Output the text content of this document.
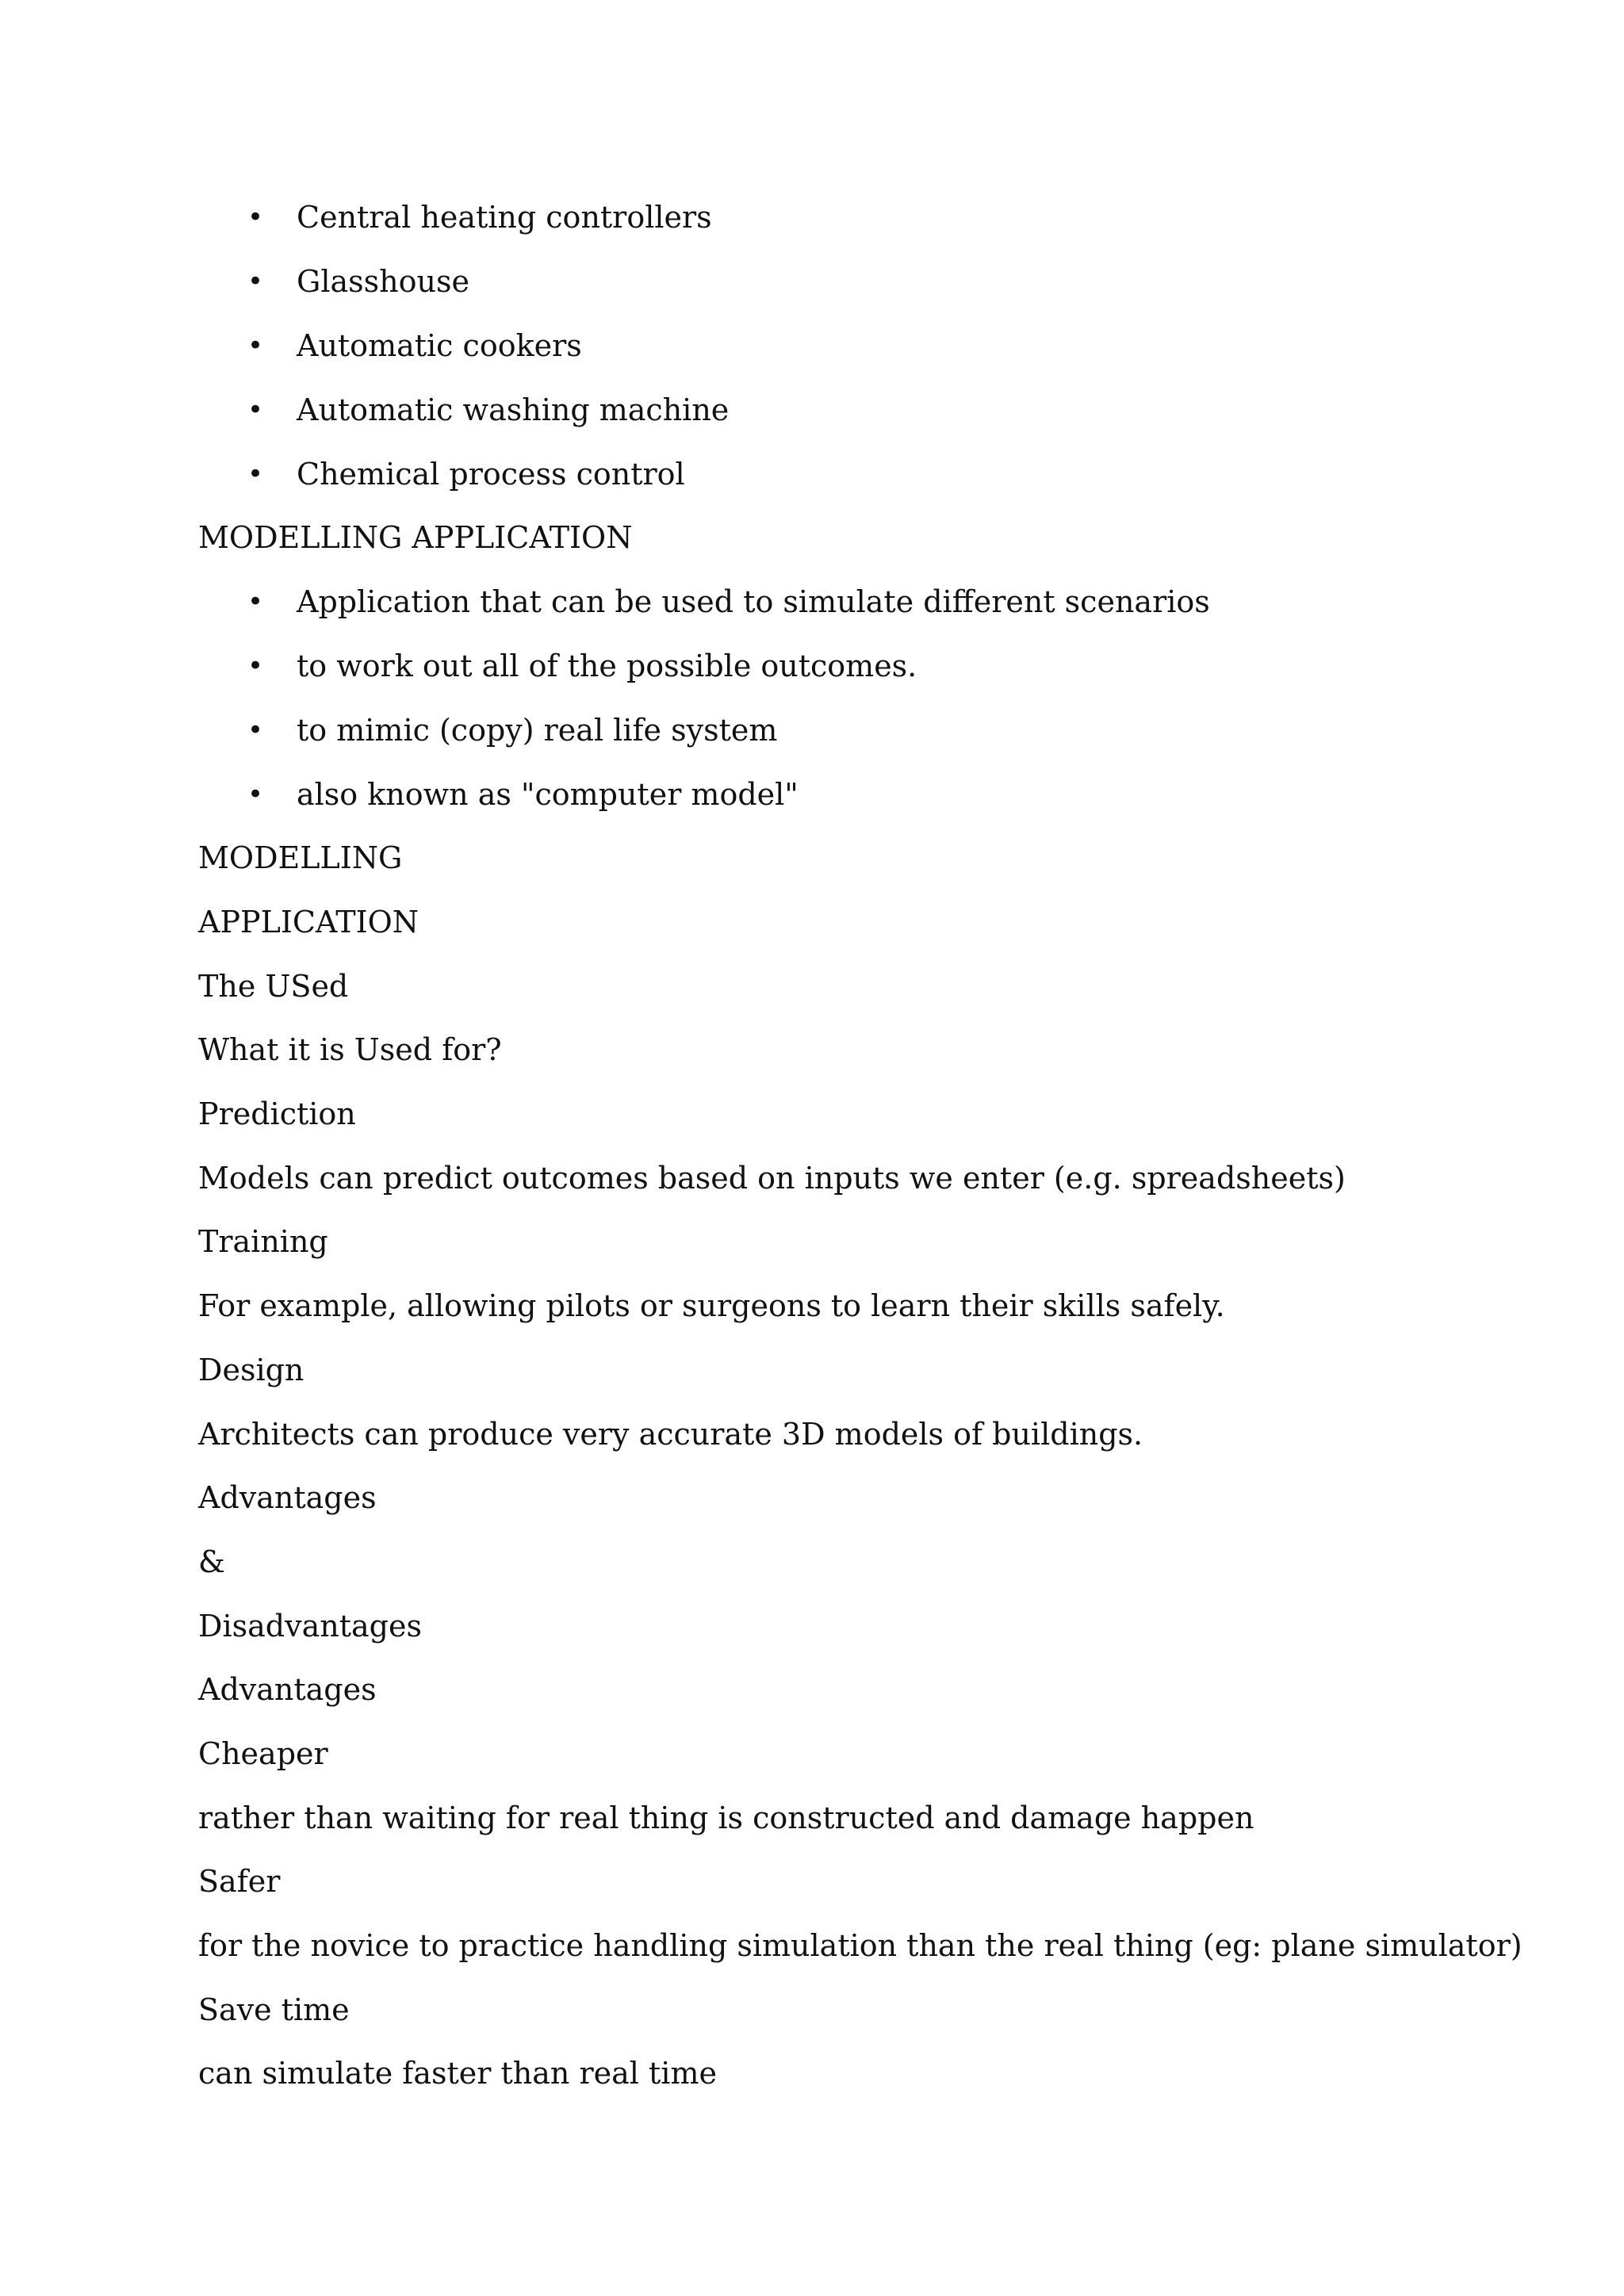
• Central heating controllers
• Glasshouse
• Automatic cookers
• Automatic washing machine
• Chemical process control
MODELLING APPLICATION
• Application that can be used to simulate different scenarios
• to work out all of the possible outcomes.
• to mimic (copy) real life system
• also known as "computer model"
MODELLING
APPLICATION
The USed
What it is Used for?
Prediction
Models can predict outcomes based on inputs we enter (e.g. spreadsheets)
Training
For example, allowing pilots or surgeons to learn their skills safely.
Design
Architects can produce very accurate 3D models of buildings.
Advantages
&
Disadvantages
Advantages
Cheaper
rather than waiting for real thing is constructed and damage happen
Safer
for the novice to practice handling simulation than the real thing (eg: plane simulator)
Save time
can simulate faster than real time
